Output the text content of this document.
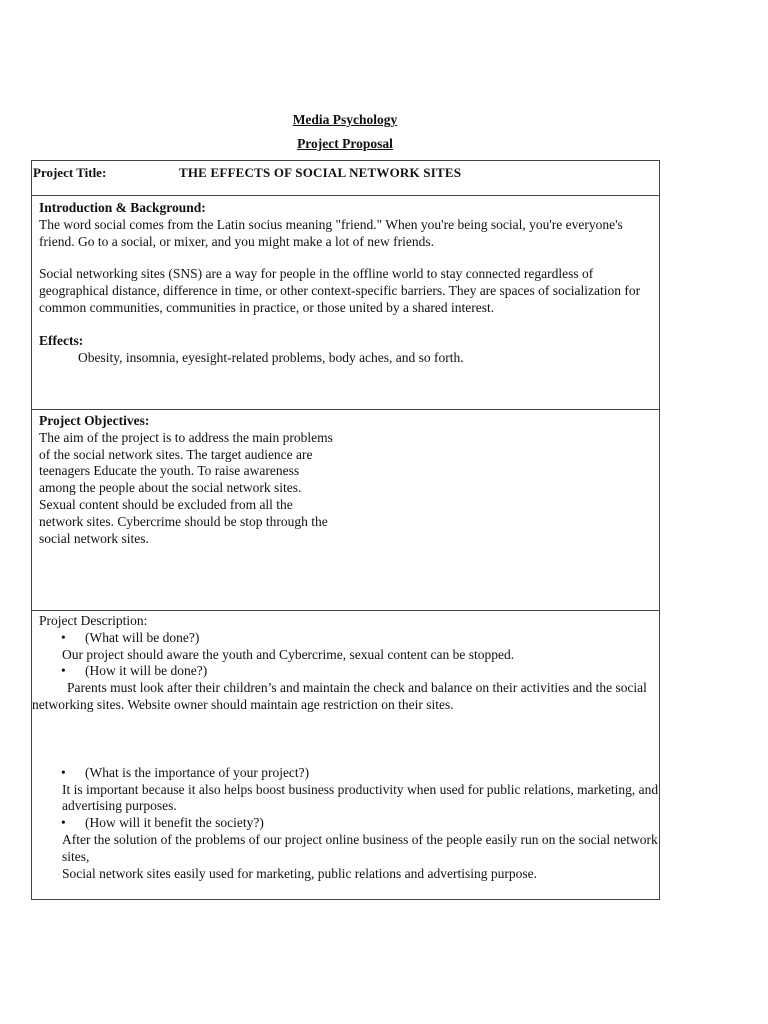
Media Psychology
Project Proposal
Project Title:	THE EFFECTS OF SOCIAL NETWORK SITES

Introduction & Background:

The word social comes from the Latin socius meaning "friend." When you're being social, you're everyone's friend. Go to a social, or mixer, and you might make a lot of new friends.

Social networking sites (SNS) are a way for people in the offline world to stay connected regardless of geographical distance, difference in time, or other context-specific barriers. They are spaces of socialization for common communities, communities in practice, or those united by a shared interest.

Effects:
Obesity, insomnia, eyesight-related problems, body aches, and so forth.

Project Objectives:

The aim of the project is to address the main problems of the social network sites. The target audience are teenagers Educate the youth. To raise awareness among the people about the social network sites. Sexual content should be excluded from all the network sites. Cybercrime should be stop through the social network sites.

Project Description:
• (What will be done?)
Our project should aware the youth and Cybercrime, sexual content can be stopped.
• (How it will be done?)
Parents must look after their children’s and maintain the check and balance on their activities and the social networking sites. Website owner should maintain age restriction on their sites.
• (What is the importance of your project?)
It is important because it also helps boost business productivity when used for public relations, marketing, and advertising purposes.
• (How will it benefit the society?)
After the solution of the problems of our project online business of the people easily run on the social network sites,
Social network sites easily used for marketing, public relations and advertising purpose.
